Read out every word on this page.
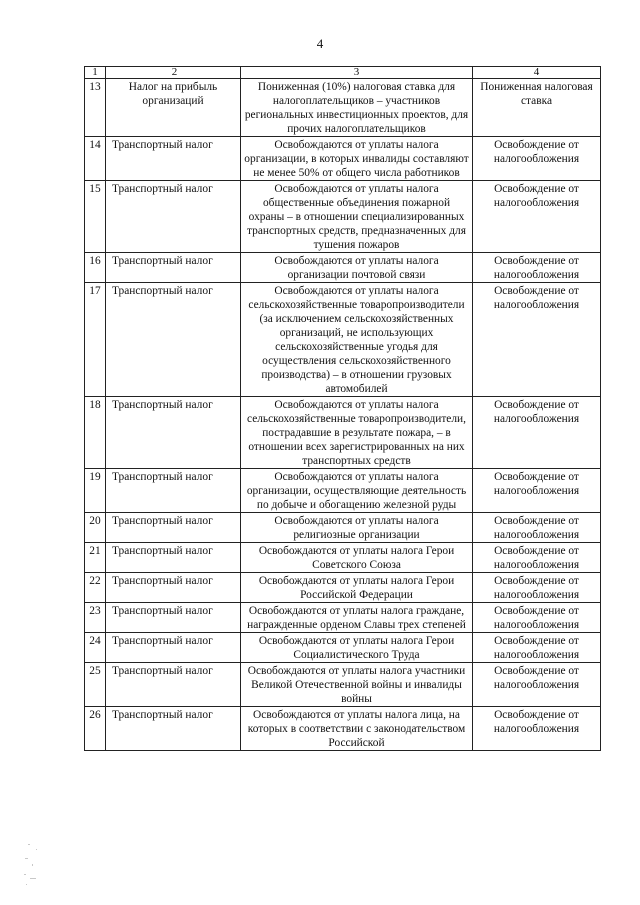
4
1	2	3	4
13	Налог на прибыль организаций	Пониженная (10%) налоговая ставка для налогоплательщиков – участников региональных инвестиционных проектов, для прочих налогоплательщиков	Пониженная налоговая ставка
14	Транспортный налог	Освобождаются от уплаты налога организации, в которых инвалиды составляют не менее 50% от общего числа работников	Освобождение от налогообложения
15	Транспортный налог	Освобождаются от уплаты налога общественные объединения пожарной охраны – в отношении специализированных транспортных средств, предназначенных для тушения пожаров	Освобождение от налогообложения
16	Транспортный налог	Освобождаются от уплаты налога организации почтовой связи	Освобождение от налогообложения
17	Транспортный налог	Освобождаются от уплаты налога сельскохозяйственные товаропроизводители (за исключением сельскохозяйственных организаций, не использующих сельскохозяйственные угодья для осуществления сельскохозяйственного производства) – в отношении грузовых автомобилей	Освобождение от налогообложения
18	Транспортный налог	Освобождаются от уплаты налога сельскохозяйственные товаропроизводители, пострадавшие в результате пожара, – в отношении всех зарегистрированных на них транспортных средств	Освобождение от налогообложения
19	Транспортный налог	Освобождаются от уплаты налога организации, осуществляющие деятельность по добыче и обогащению железной руды	Освобождение от налогообложения
20	Транспортный налог	Освобождаются от уплаты налога религиозные организации	Освобождение от налогообложения
21	Транспортный налог	Освобождаются от уплаты налога Герои Советского Союза	Освобождение от налогообложения
22	Транспортный налог	Освобождаются от уплаты налога Герои Российской Федерации	Освобождение от налогообложения
23	Транспортный налог	Освобождаются от уплаты налога граждане, награжденные орденом Славы трех степеней	Освобождение от налогообложения
24	Транспортный налог	Освобождаются от уплаты налога Герои Социалистического Труда	Освобождение от налогообложения
25	Транспортный налог	Освобождаются от уплаты налога участники Великой Отечественной войны и инвалиды войны	Освобождение от налогообложения
26	Транспортный налог	Освобождаются от уплаты налога лица, на которых в соответствии с законодательством Российской	Освобождение от налогообложения
